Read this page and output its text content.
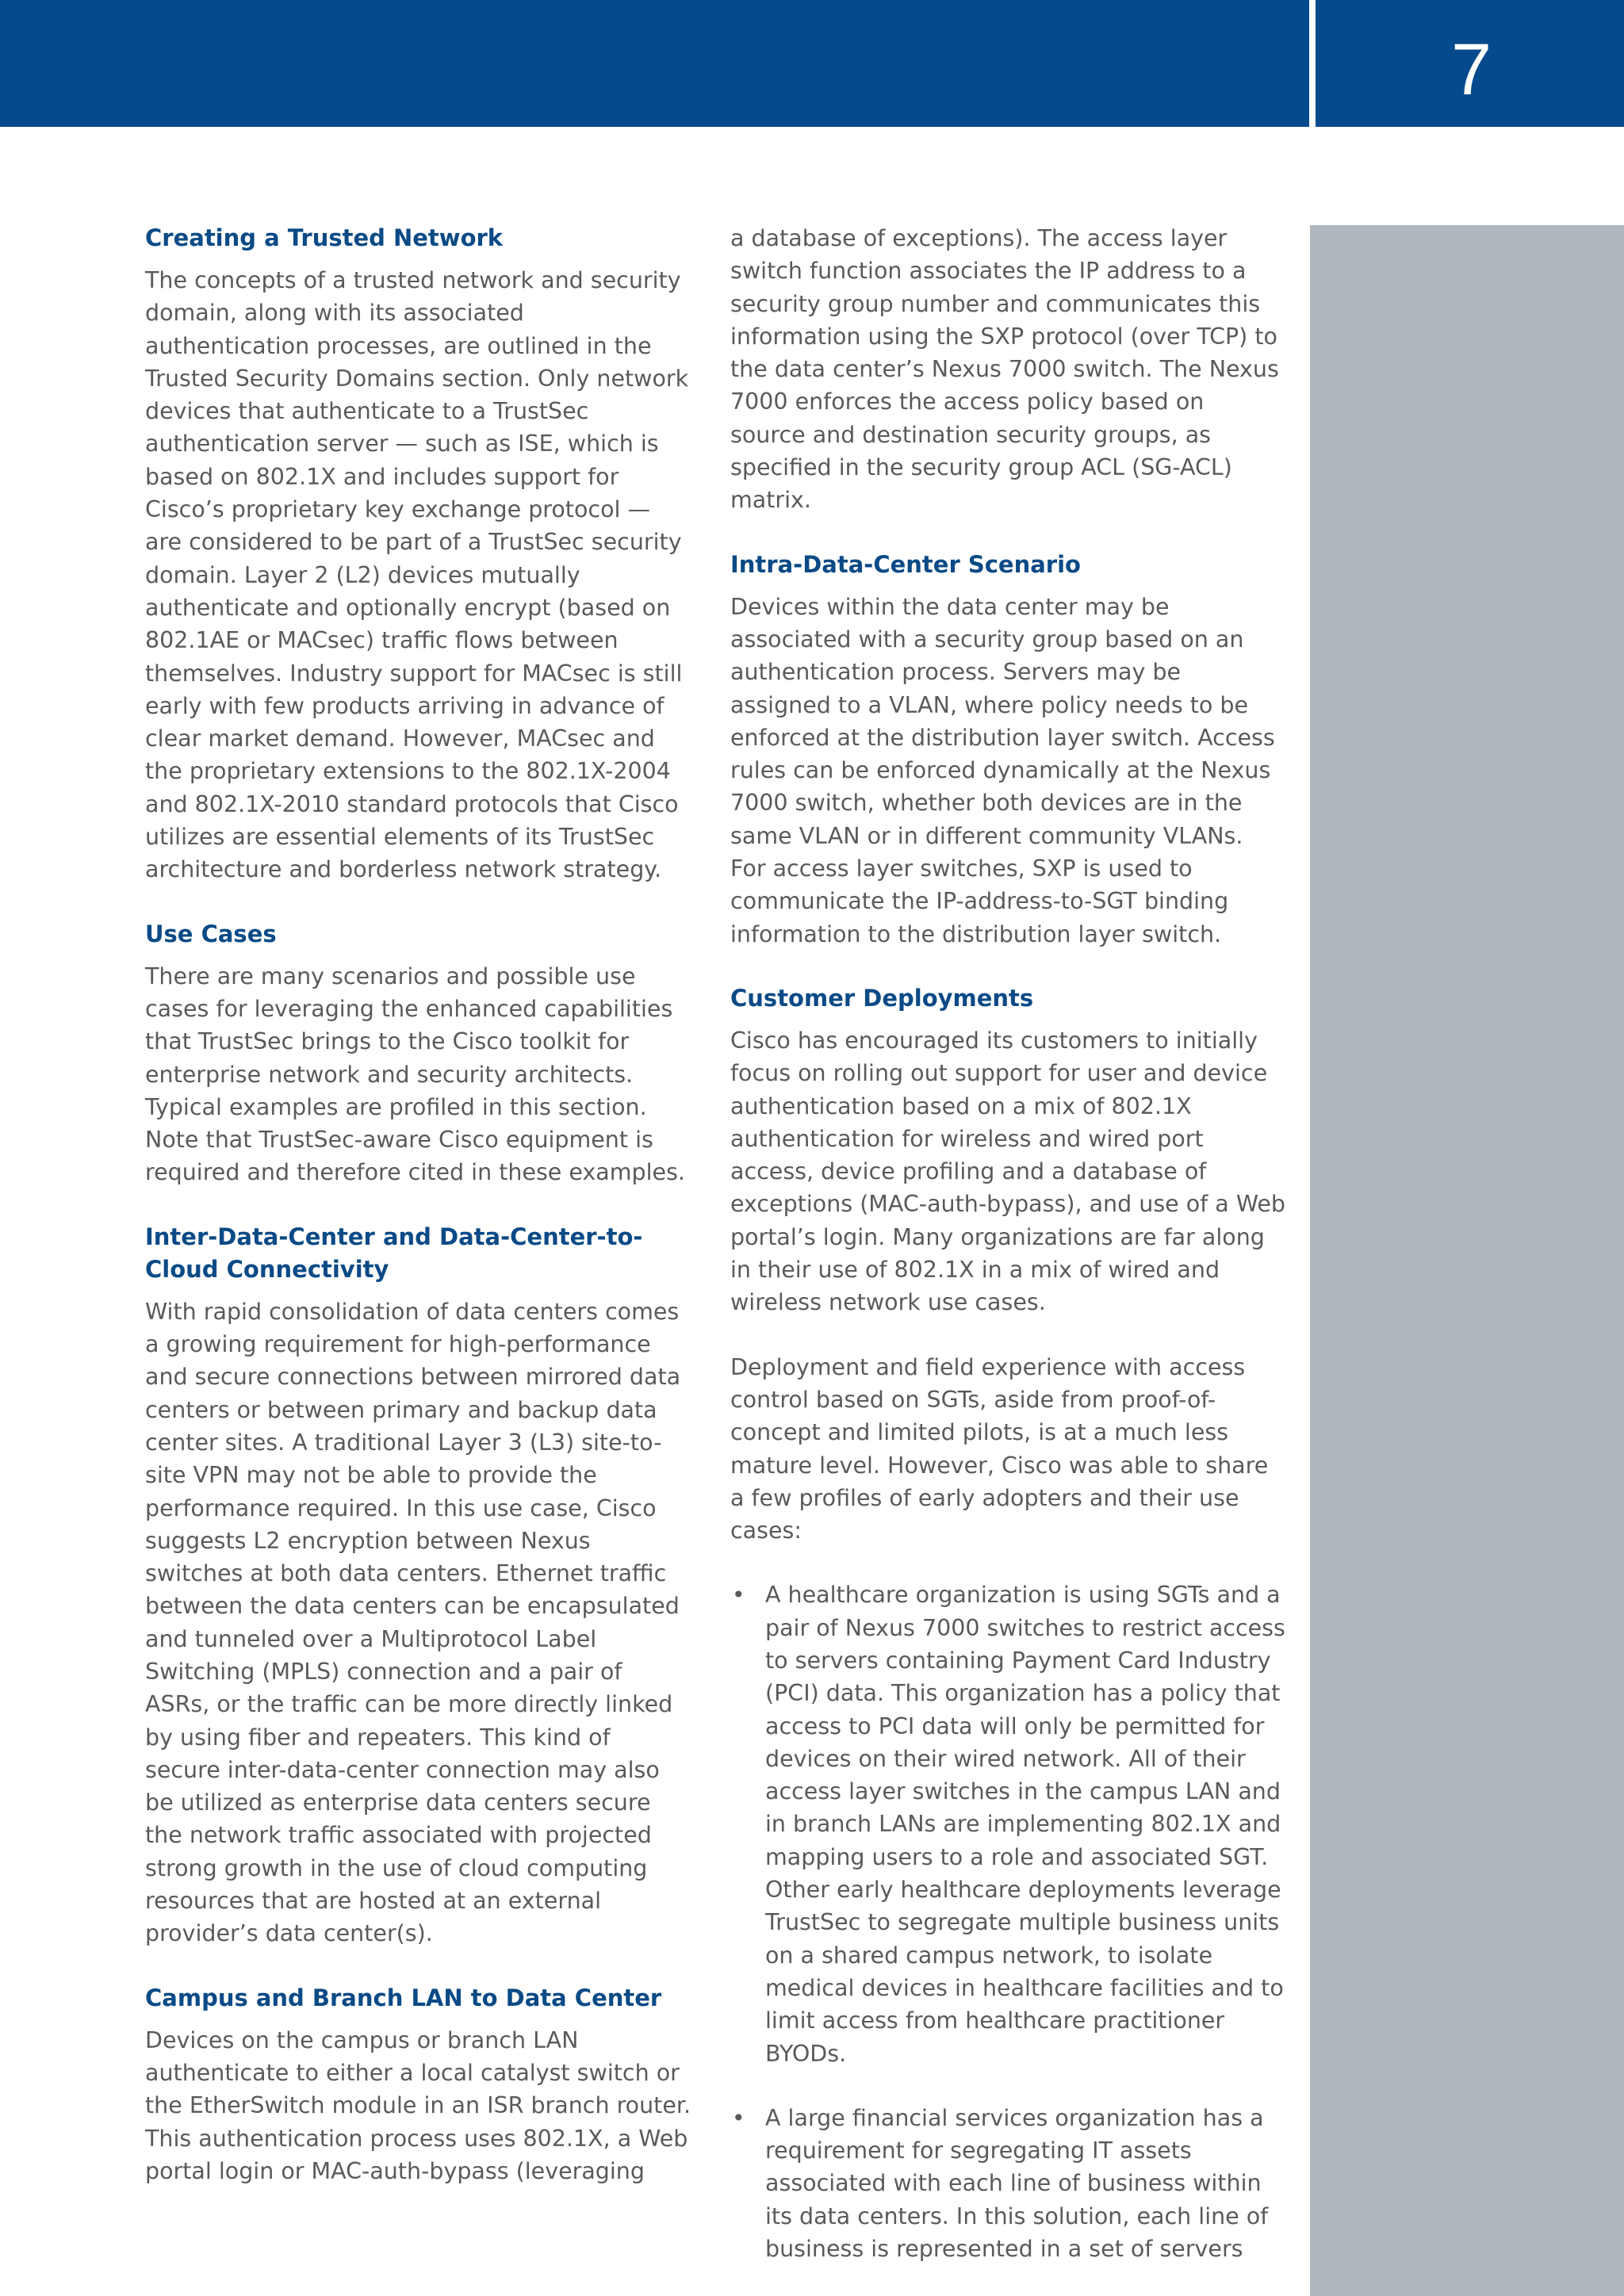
7
Creating a Trusted Network

The concepts of a trusted network and security domain, along with its associated authentication processes, are outlined in the Trusted Security Domains section. Only network devices that authenticate to a TrustSec authentication server — such as ISE, which is based on 802.1X and includes support for Cisco’s proprietary key exchange protocol — are considered to be part of a TrustSec security domain. Layer 2 (L2) devices mutually authenticate and optionally encrypt (based on 802.1AE or MACsec) traffic flows between themselves. Industry support for MACsec is still early with few products arriving in advance of clear market demand. However, MACsec and the proprietary extensions to the 802.1X-2004 and 802.1X-2010 standard protocols that Cisco utilizes are essential elements of its TrustSec architecture and borderless network strategy.

Use Cases

There are many scenarios and possible use cases for leveraging the enhanced capabilities that TrustSec brings to the Cisco toolkit for enterprise network and security architects. Typical examples are profiled in this section. Note that TrustSec-aware Cisco equipment is required and therefore cited in these examples.

Inter-Data-Center and Data-Center-to-Cloud Connectivity

With rapid consolidation of data centers comes a growing requirement for high-performance and secure connections between mirrored data centers or between primary and backup data center sites. A traditional Layer 3 (L3) site-to-site VPN may not be able to provide the performance required. In this use case, Cisco suggests L2 encryption between Nexus switches at both data centers. Ethernet traffic between the data centers can be encapsulated and tunneled over a Multiprotocol Label Switching (MPLS) connection and a pair of ASRs, or the traffic can be more directly linked by using fiber and repeaters. This kind of secure inter-data-center connection may also be utilized as enterprise data centers secure the network traffic associated with projected strong growth in the use of cloud computing resources that are hosted at an external provider’s data center(s).

Campus and Branch LAN to Data Center

Devices on the campus or branch LAN authenticate to either a local catalyst switch or the EtherSwitch module in an ISR branch router. This authentication process uses 802.1X, a Web portal login or MAC-auth-bypass (leveraging

a database of exceptions). The access layer switch function associates the IP address to a security group number and communicates this information using the SXP protocol (over TCP) to the data center’s Nexus 7000 switch. The Nexus 7000 enforces the access policy based on source and destination security groups, as specified in the security group ACL (SG-ACL) matrix.

Intra-Data-Center Scenario

Devices within the data center may be associated with a security group based on an authentication process. Servers may be assigned to a VLAN, where policy needs to be enforced at the distribution layer switch. Access rules can be enforced dynamically at the Nexus 7000 switch, whether both devices are in the same VLAN or in different community VLANs. For access layer switches, SXP is used to communicate the IP-address-to-SGT binding information to the distribution layer switch.

Customer Deployments

Cisco has encouraged its customers to initially focus on rolling out support for user and device authentication based on a mix of 802.1X authentication for wireless and wired port access, device profiling and a database of exceptions (MAC-auth-bypass), and use of a Web portal’s login. Many organizations are far along in their use of 802.1X in a mix of wired and wireless network use cases.

Deployment and field experience with access control based on SGTs, aside from proof-of-concept and limited pilots, is at a much less mature level. However, Cisco was able to share a few profiles of early adopters and their use cases:

• A healthcare organization is using SGTs and a pair of Nexus 7000 switches to restrict access to servers containing Payment Card Industry (PCI) data. This organization has a policy that access to PCI data will only be permitted for devices on their wired network. All of their access layer switches in the campus LAN and in branch LANs are implementing 802.1X and mapping users to a role and associated SGT. Other early healthcare deployments leverage TrustSec to segregate multiple business units on a shared campus network, to isolate medical devices in healthcare facilities and to limit access from healthcare practitioner BYODs.
• A large financial services organization has a requirement for segregating IT assets associated with each line of business within its data centers. In this solution, each line of business is represented in a set of servers
